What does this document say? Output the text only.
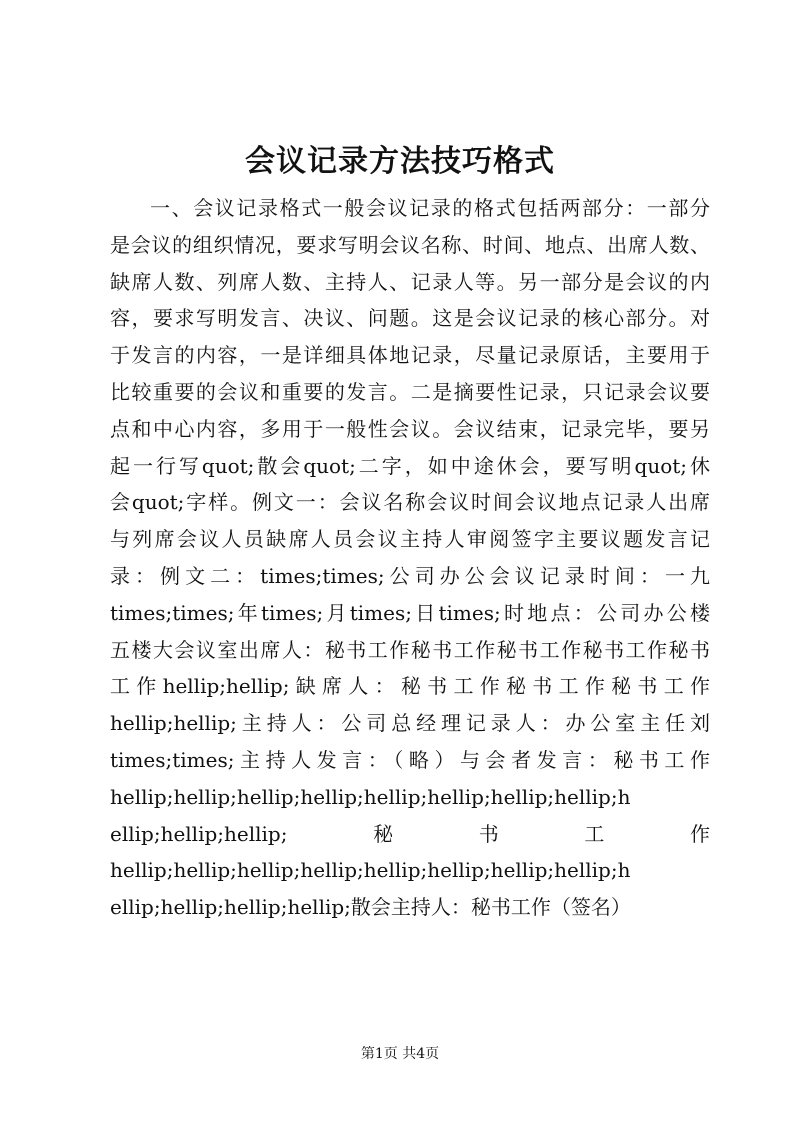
会议记录方法技巧格式
一、会议记录格式一般会议记录的格式包括两部分：一部分
是会议的组织情况，要求写明会议名称、时间、地点、出席人数、
缺席人数、列席人数、主持人、记录人等。另一部分是会议的内
容，要求写明发言、决议、问题。这是会议记录的核心部分。对
于发言的内容，一是详细具体地记录，尽量记录原话，主要用于
比较重要的会议和重要的发言。二是摘要性记录，只记录会议要
点和中心内容，多用于一般性会议。会议结束，记录完毕，要另
起一行写quot;散会quot;二字，如中途休会，要写明quot;休
会quot;字样。例文一：会议名称会议时间会议地点记录人出席
与列席会议人员缺席人员会议主持人审阅签字主要议题发言记
录：例文二：times;times;公司办公会议记录时间：一九
times;times;年times;月times;日times;时地点：公司办公楼
五楼大会议室出席人：秘书工作秘书工作秘书工作秘书工作秘书
工作hellip;hellip;缺席人：秘书工作秘书工作秘书工作
hellip;hellip;主持人：公司总经理记录人：办公室主任刘
times;times;主持人发言：（略）与会者发言：秘书工作
hellip;hellip;hellip;hellip;hellip;hellip;hellip;hellip;h
ellip;hellip;hellip;　　　　秘　　　　书　　　　工　　　　作
hellip;hellip;hellip;hellip;hellip;hellip;hellip;hellip;h
ellip;hellip;hellip;hellip;散会主持人：秘书工作（签名）
第1页 共4页
